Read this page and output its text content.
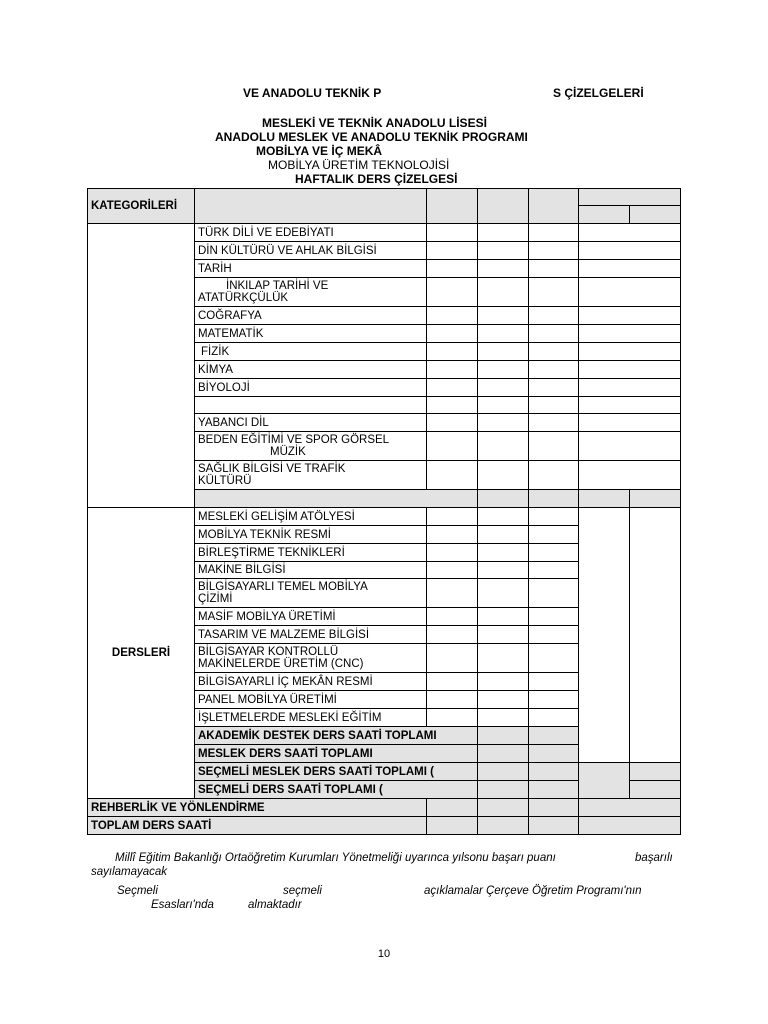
VE ANADOLU TEKNİK P	S ÇİZELGELERİ
MESLEKİ VE TEKNİK ANADOLU LİSESİ
ANADOLU MESLEK VE ANADOLU TEKNİK PROGRAMI
MOBİLYA VE İÇ MEKÂ
MOBİLYA ÜRETİM TEKNOLOJİSİ
HAFTALIK DERS ÇİZELGESİ
KATEGORİLERİ							

	TÜRK DİLİ VE EDEBİYATI						
	DİN KÜLTÜRÜ VE AHLAK BİLGİSİ						
	TARİH						

	İNKILAP TARİHİ VE
ATATÜRKÇÜLÜK						

	COĞRAFYA						
	MATEMATİK						
	FİZİK						
	KİMYA						
	BİYOLOJİ						

	YABANCI DİL						

	BEDEN EĞİTİMİ VE SPOR GÖRSEL
MÜZİK						

	SAĞLIK BİLGİSİ VE TRAFİK
KÜLTÜRÜ						

DERSLERİ	MESLEKİ GELİŞİM ATÖLYESİ						
	MOBİLYA TEKNİK RESMİ						
	BİRLEŞTİRME TEKNİKLERİ						
	MAKİNE BİLGİSİ						

	BİLGİSAYARLI TEMEL MOBİLYA
ÇİZİMİ						

	MASİF MOBİLYA ÜRETİMİ						
	TASARIM VE MALZEME BİLGİSİ						

	BİLGİSAYAR KONTROLLÜ
MAKİNELERDE ÜRETİM (CNC)						

	BİLGİSAYARLI İÇ MEKÂN RESMİ						
	PANEL MOBİLYA ÜRETİMİ						
	İŞLETMELERDE MESLEKİ EĞİTİM						
	AKADEMİK DESTEK DERS SAATİ TOPLAMI						
	MESLEK DERS SAATİ TOPLAMI						
	SEÇMELİ MESLEK DERS SAATİ TOPLAMI (						
	SEÇMELİ DERS SAATİ TOPLAMI (						
REHBERLİK VE YÖNLENDİRME							
TOPLAM DERS SAATİ							
Millî Eğitim Bakanlığı Ortaöğretim Kurumları Yönetmeliği uyarınca yılsonu başarı puanı	başarılı
sayılamayacak
Seçmeli	seçmeli	açıklamalar Çerçeve Öğretim Programı'nın
Esasları'nda	almaktadır
10
